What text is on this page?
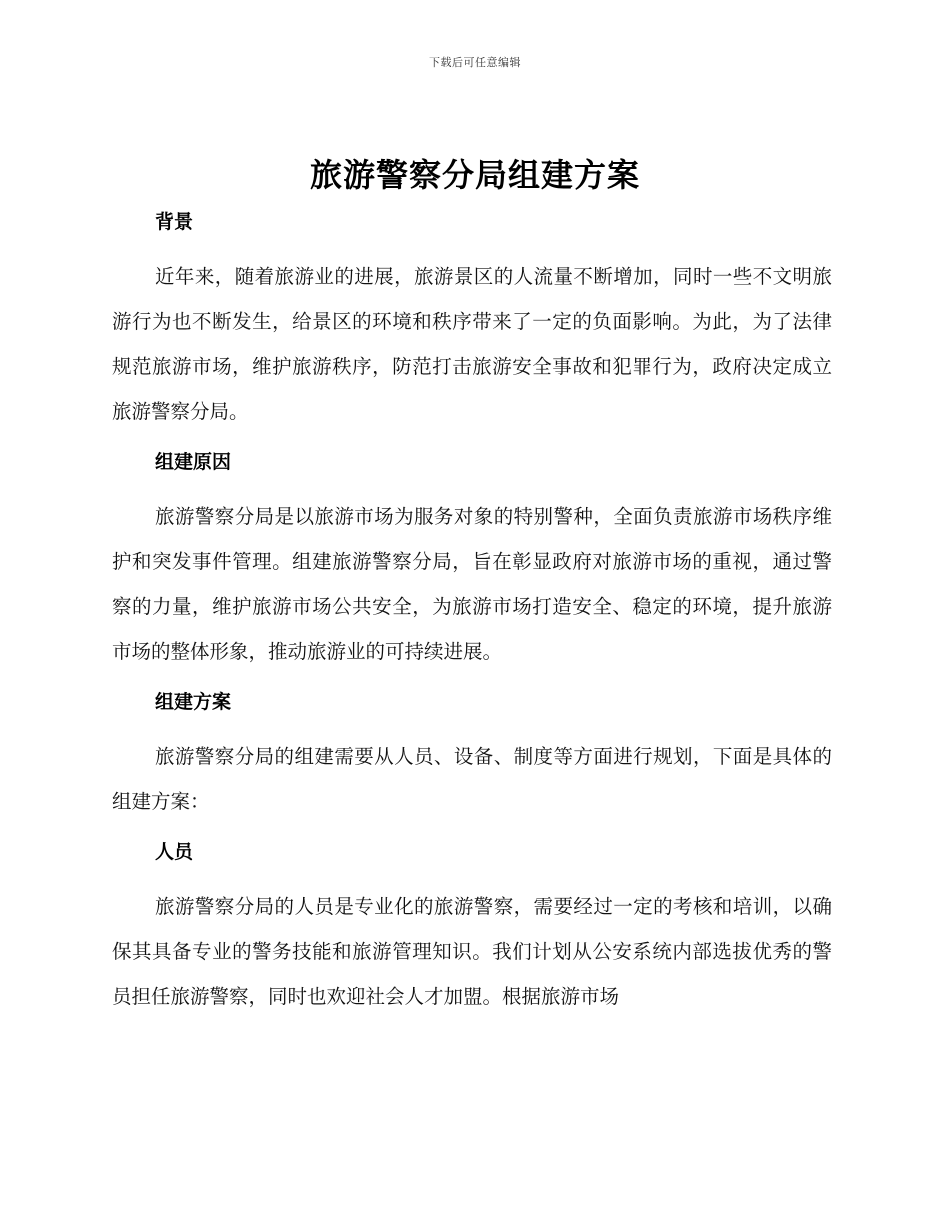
下载后可任意编辑
旅游警察分局组建方案
背景

近年来，随着旅游业的进展，旅游景区的人流量不断增加，同时一些不文明旅游行为也不断发生，给景区的环境和秩序带来了一定的负面影响。为此，为了法律规范旅游市场，维护旅游秩序，防范打击旅游安全事故和犯罪行为，政府决定成立旅游警察分局。

组建原因

旅游警察分局是以旅游市场为服务对象的特别警种，全面负责旅游市场秩序维护和突发事件管理。组建旅游警察分局，旨在彰显政府对旅游市场的重视，通过警察的力量，维护旅游市场公共安全，为旅游市场打造安全、稳定的环境，提升旅游市场的整体形象，推动旅游业的可持续进展。

组建方案

旅游警察分局的组建需要从人员、设备、制度等方面进行规划，下面是具体的组建方案：

人员

旅游警察分局的人员是专业化的旅游警察，需要经过一定的考核和培训，以确保其具备专业的警务技能和旅游管理知识。我们计划从公安系统内部选拔优秀的警员担任旅游警察，同时也欢迎社会人才加盟。根据旅游市场
